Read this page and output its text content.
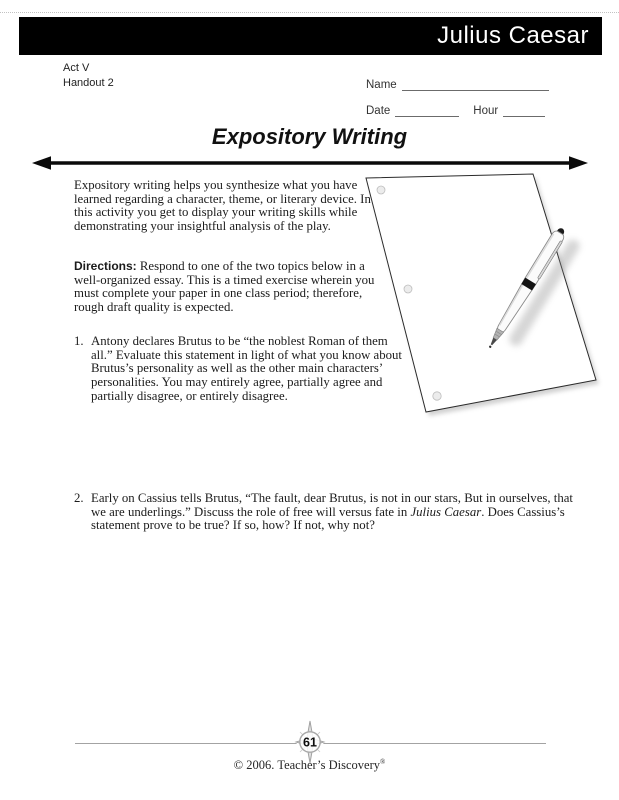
Julius Caesar
Act V
Handout 2	Name
Date	Hour
Expository Writing

Expository writing helps you synthesize what you have learned regarding a character, theme, or literary device. In this activity you get to display your writing skills while demonstrating your insightful analysis of the play.

Directions: Respond to one of the two topics below in a well-organized essay. This is a timed exercise wherein you must complete your paper in one class period; therefore, rough draft quality is expected.

1. Antony declares Brutus to be “the noblest Roman of them all.” Evaluate this statement in light of what you know about Brutus’s personality as well as the other main characters’ personalities. You may entirely agree, partially agree and partially disagree, or entirely disagree.
2. Early on Cassius tells Brutus, “The fault, dear Brutus, is not in our stars, But in ourselves, that we are underlings.” Discuss the role of free will versus fate in Julius Caesar. Does Cassius’s statement prove to be true? If so, how? If not, why not?
61

© 2006. Teacher’s Discovery®
